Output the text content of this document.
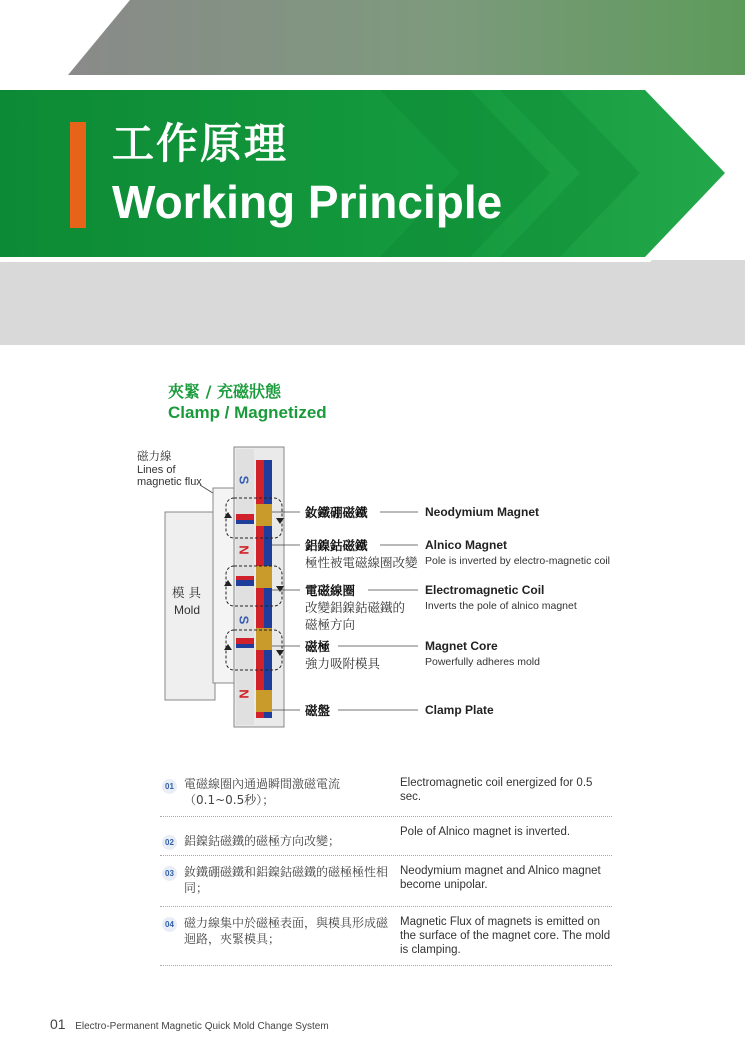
工作原理
Working Principle
夾緊 / 充磁狀態
Clamp / Magnetized
磁力線
Lines of
magnetic flux	S
N
S
N
模 具
Mold
釹鐵硼磁鐵
鋁鎳鈷磁鐵
極性被電磁線圈改變
電磁線圈
改變鋁鎳鈷磁鐵的
磁極方向
磁極
強力吸附模具
磁盤
Neodymium Magnet
Alnico Magnet
Pole is inverted by electro-magnetic coil
Electromagnetic Coil
Inverts the pole of alnico magnet
Magnet Core
Powerfully adheres mold
Clamp Plate
01 電磁線圈內通過瞬間激磁電流（0.1~0.5秒）；
Electromagnetic coil energized for 0.5 sec.
02 鋁鎳鈷磁鐵的磁極方向改變；
Pole of Alnico magnet is inverted.
03 釹鐵硼磁鐵和鋁鎳鈷磁鐵的磁極極性相同；
Neodymium magnet and Alnico magnet become unipolar.
04 磁力線集中於磁極表面，與模具形成磁迴路，夾緊模具；
Magnetic Flux of magnets is emitted on the surface of the magnet core. The mold is clamping.
01 Electro-Permanent Magnetic Quick Mold Change System
